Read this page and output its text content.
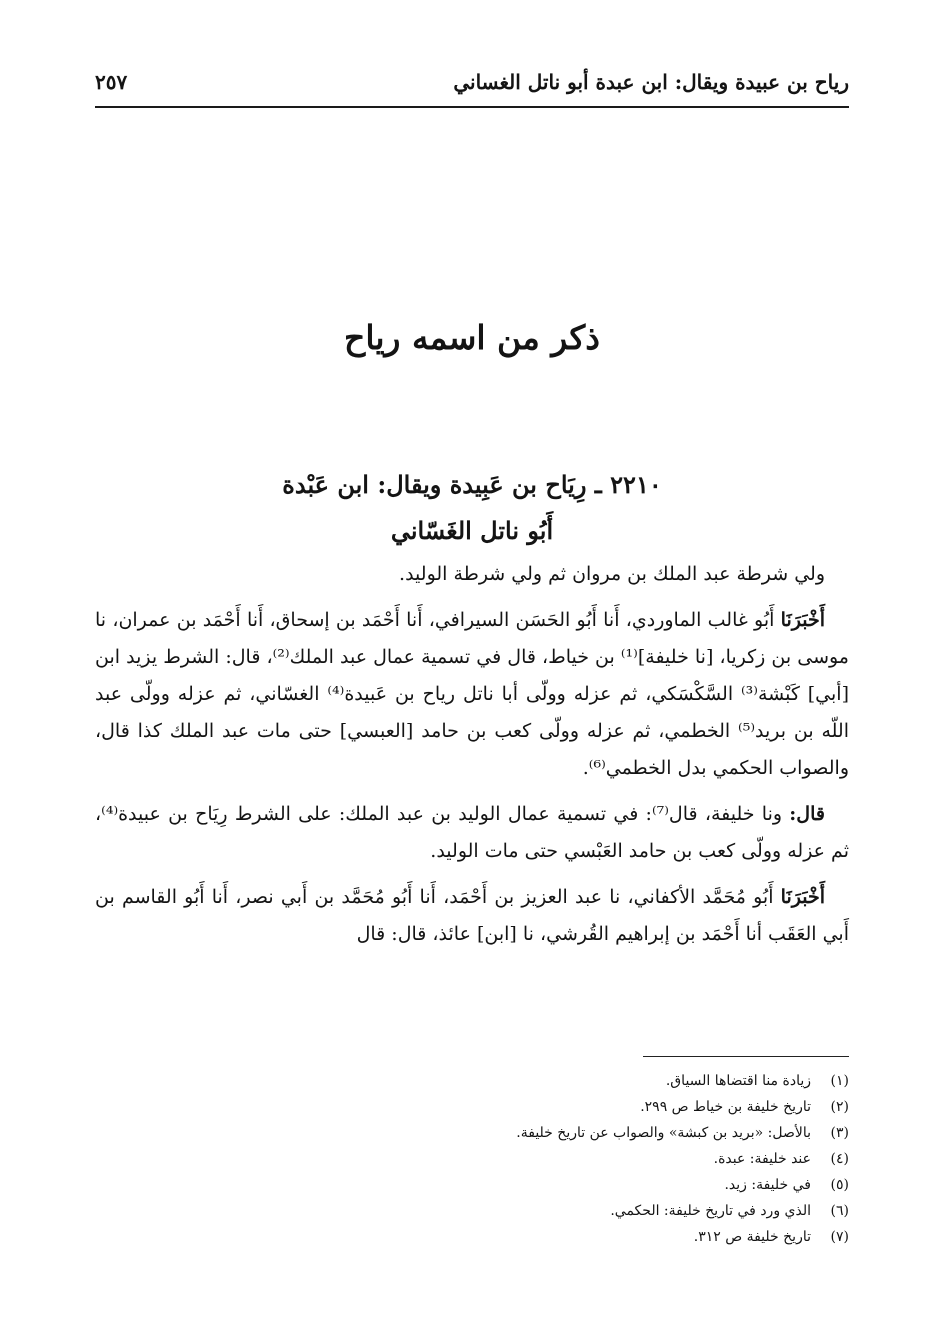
رياح بن عبيدة ويقال: ابن عبدة أبو ناتل الغساني
٢٥٧
ذكر من اسمه رياح
٢٢١٠ ـ رِيَاح بن عَبِيدة ويقال: ابن عَبْدة
أَبُو ناتل الغَسّاني

ولي شرطة عبد الملك بن مروان ثم ولي شرطة الوليد.

أَخْبَرَنَا أَبُو غالب الماوردي، أَنا أَبُو الحَسَن السيرافي، أَنا أَحْمَد بن إسحاق، أَنا أَحْمَد بن عمران، نا موسى بن زكريا، [نا خليفة]⁽¹⁾ بن خياط، قال في تسمية عمال عبد الملك⁽²⁾، قال: الشرط يزيد ابن [أبي] كَبْشة⁽³⁾ السَّكْسَكي، ثم عزله وولّى أبا ناتل رياح بن عَبيدة⁽⁴⁾ الغسّاني، ثم عزله وولّى عبد اللّه بن بريد⁽⁵⁾ الخطمي، ثم عزله وولّى كعب بن حامد [العبسي] حتى مات عبد الملك كذا قال، والصواب الحكمي بدل الخطمي⁽⁶⁾.

قال: ونا خليفة، قال⁽⁷⁾: في تسمية عمال الوليد بن عبد الملك: على الشرط رِيَاح بن عبيدة⁽⁴⁾، ثم عزله وولّى كعب بن حامد العَبْسي حتى مات الوليد.

أَخْبَرَنَا أَبُو مُحَمَّد الأكفاني، نا عبد العزيز بن أَحْمَد، أَنا أَبُو مُحَمَّد بن أَبي نصر، أَنا أَبُو القاسم بن أَبي العَقَب أنا أَحْمَد بن إبراهيم القُرشي، نا [ابن] عائذ، قال: قال

(١)زيادة منا اقتضاها السياق.
(٢)تاريخ خليفة بن خياط ص ٢٩٩.
(٣)بالأصل: «بريد بن كبشة» والصواب عن تاريخ خليفة.
(٤)عند خليفة: عبدة.
(٥)في خليفة: زيد.
(٦)الذي ورد في تاريخ خليفة: الحكمي.
(٧)تاريخ خليفة ص ٣١٢.
